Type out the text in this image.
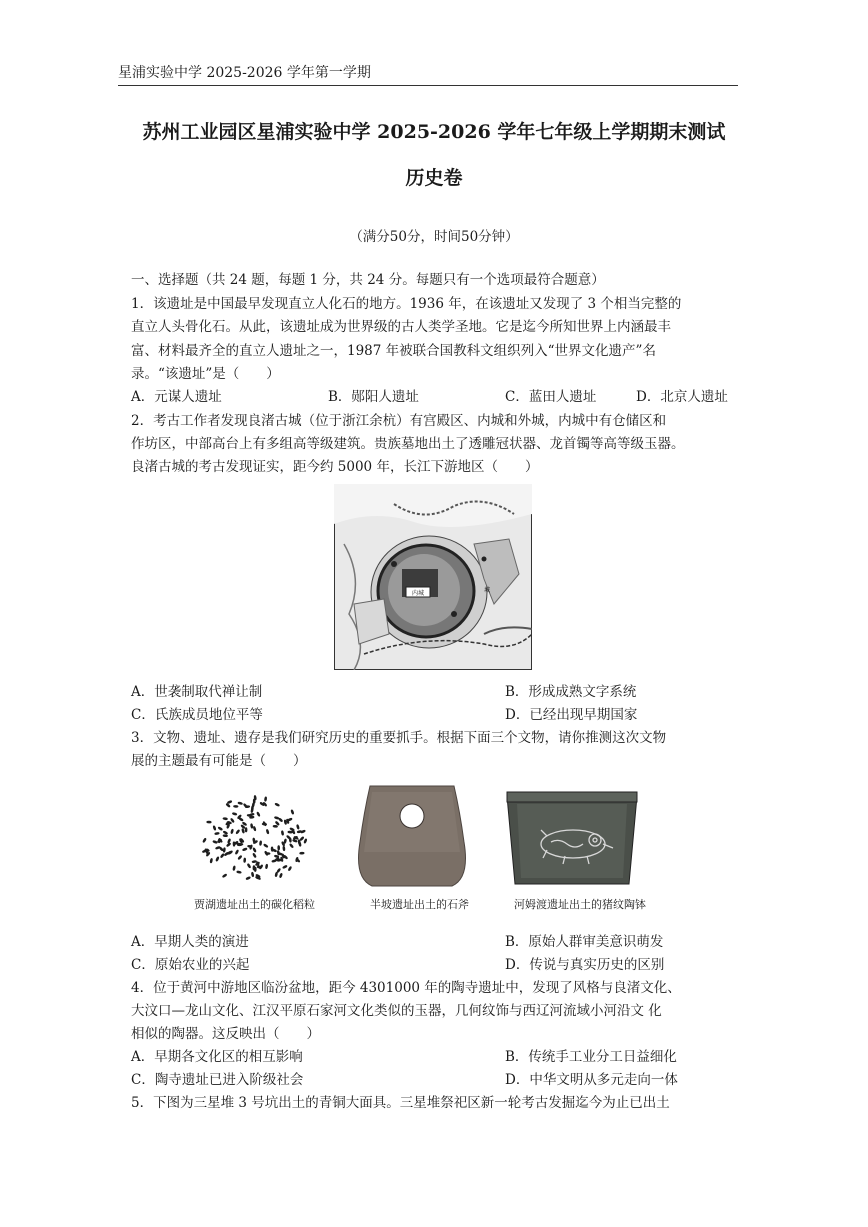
星浦实验中学 2025-2026 学年第一学期
苏州工业园区星浦实验中学 2025-2026 学年七年级上学期期末测试
历史卷
（满分50分，时间50分钟）
一、选择题（共 24 题，每题 1 分，共 24 分。每题只有一个选项最符合题意）
1．该遗址是中国最早发现直立人化石的地方。1936 年，在该遗址又发现了 3 个相当完整的
直立人头骨化石。从此，该遗址成为世界级的古人类学圣地。它是迄今所知世界上内涵最丰
富、材料最齐全的直立人遗址之一，1987 年被联合国教科文组织列入“世界文化遗产”名
录。“该遗址”是（　　）
A．元谋人遗址	B．郧阳人遗址	C．蓝田人遗址	D．北京人遗址
2．考古工作者发现良渚古城（位于浙江余杭）有宫殿区、内城和外城，内城中有仓储区和
作坊区，中部高台上有多组高等级建筑。贵族墓地出土了透雕冠状器、龙首镯等高等级玉器。
良渚古城的考古发现证实，距今约 5000 年，长江下游地区（　　）
内城	城
A．世袭制取代禅让制	B．形成成熟文字系统
C．氏族成员地位平等	D．已经出现早期国家
3．文物、遗址、遗存是我们研究历史的重要抓手。根据下面三个文物，请你推测这次文物
展的主题最有可能是（　　）
贾湖遗址出土的碳化稻粒	半坡遗址出土的石斧	河姆渡遗址出土的猪纹陶钵
A．早期人类的演进	B．原始人群审美意识萌发
C．原始农业的兴起	D．传说与真实历史的区别
4．位于黄河中游地区临汾盆地，距今 4301000 年的陶寺遗址中，发现了风格与良渚文化、
大汶口—龙山文化、江汉平原石家河文化类似的玉器，几何纹饰与西辽河流域小河沿文 化
相似的陶器。这反映出（　　）
A．早期各文化区的相互影响	B．传统手工业分工日益细化
C．陶寺遗址已进入阶级社会	D．中华文明从多元走向一体
5．下图为三星堆 3 号坑出土的青铜大面具。三星堆祭祀区新一轮考古发掘迄今为止已出土
